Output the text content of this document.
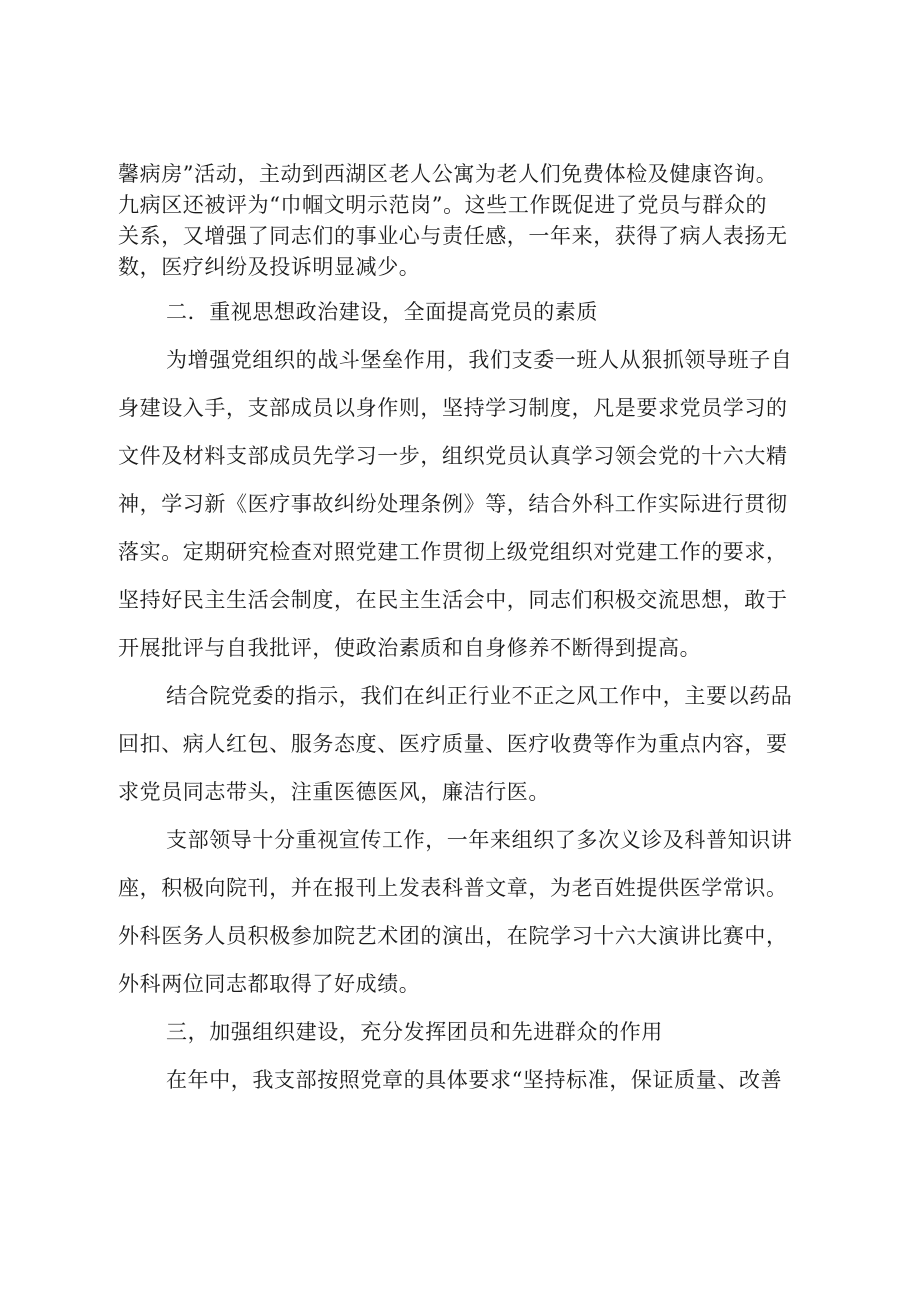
馨病房”活动，主动到西湖区老人公寓为老人们免费体检及健康咨询。
九病区还被评为“巾帼文明示范岗”。这些工作既促进了党员与群众的
关系，又增强了同志们的事业心与责任感，一年来，获得了病人表扬无
数，医疗纠纷及投诉明显减少。
二．重视思想政治建设，全面提高党员的素质
为增强党组织的战斗堡垒作用，我们支委一班人从狠抓领导班子自
身建设入手，支部成员以身作则，坚持学习制度，凡是要求党员学习的
文件及材料支部成员先学习一步，组织党员认真学习领会党的十六大精
神，学习新《医疗事故纠纷处理条例》等，结合外科工作实际进行贯彻
落实。定期研究检查对照党建工作贯彻上级党组织对党建工作的要求，
坚持好民主生活会制度，在民主生活会中，同志们积极交流思想，敢于
开展批评与自我批评，使政治素质和自身修养不断得到提高。
结合院党委的指示，我们在纠正行业不正之风工作中，主要以药品
回扣、病人红包、服务态度、医疗质量、医疗收费等作为重点内容，要
求党员同志带头，注重医德医风，廉洁行医。
支部领导十分重视宣传工作，一年来组织了多次义诊及科普知识讲
座，积极向院刊，并在报刊上发表科普文章，为老百姓提供医学常识。
外科医务人员积极参加院艺术团的演出，在院学习十六大演讲比赛中，
外科两位同志都取得了好成绩。
三，加强组织建设，充分发挥团员和先进群众的作用
在年中，我支部按照党章的具体要求“坚持标准，保证质量、改善
